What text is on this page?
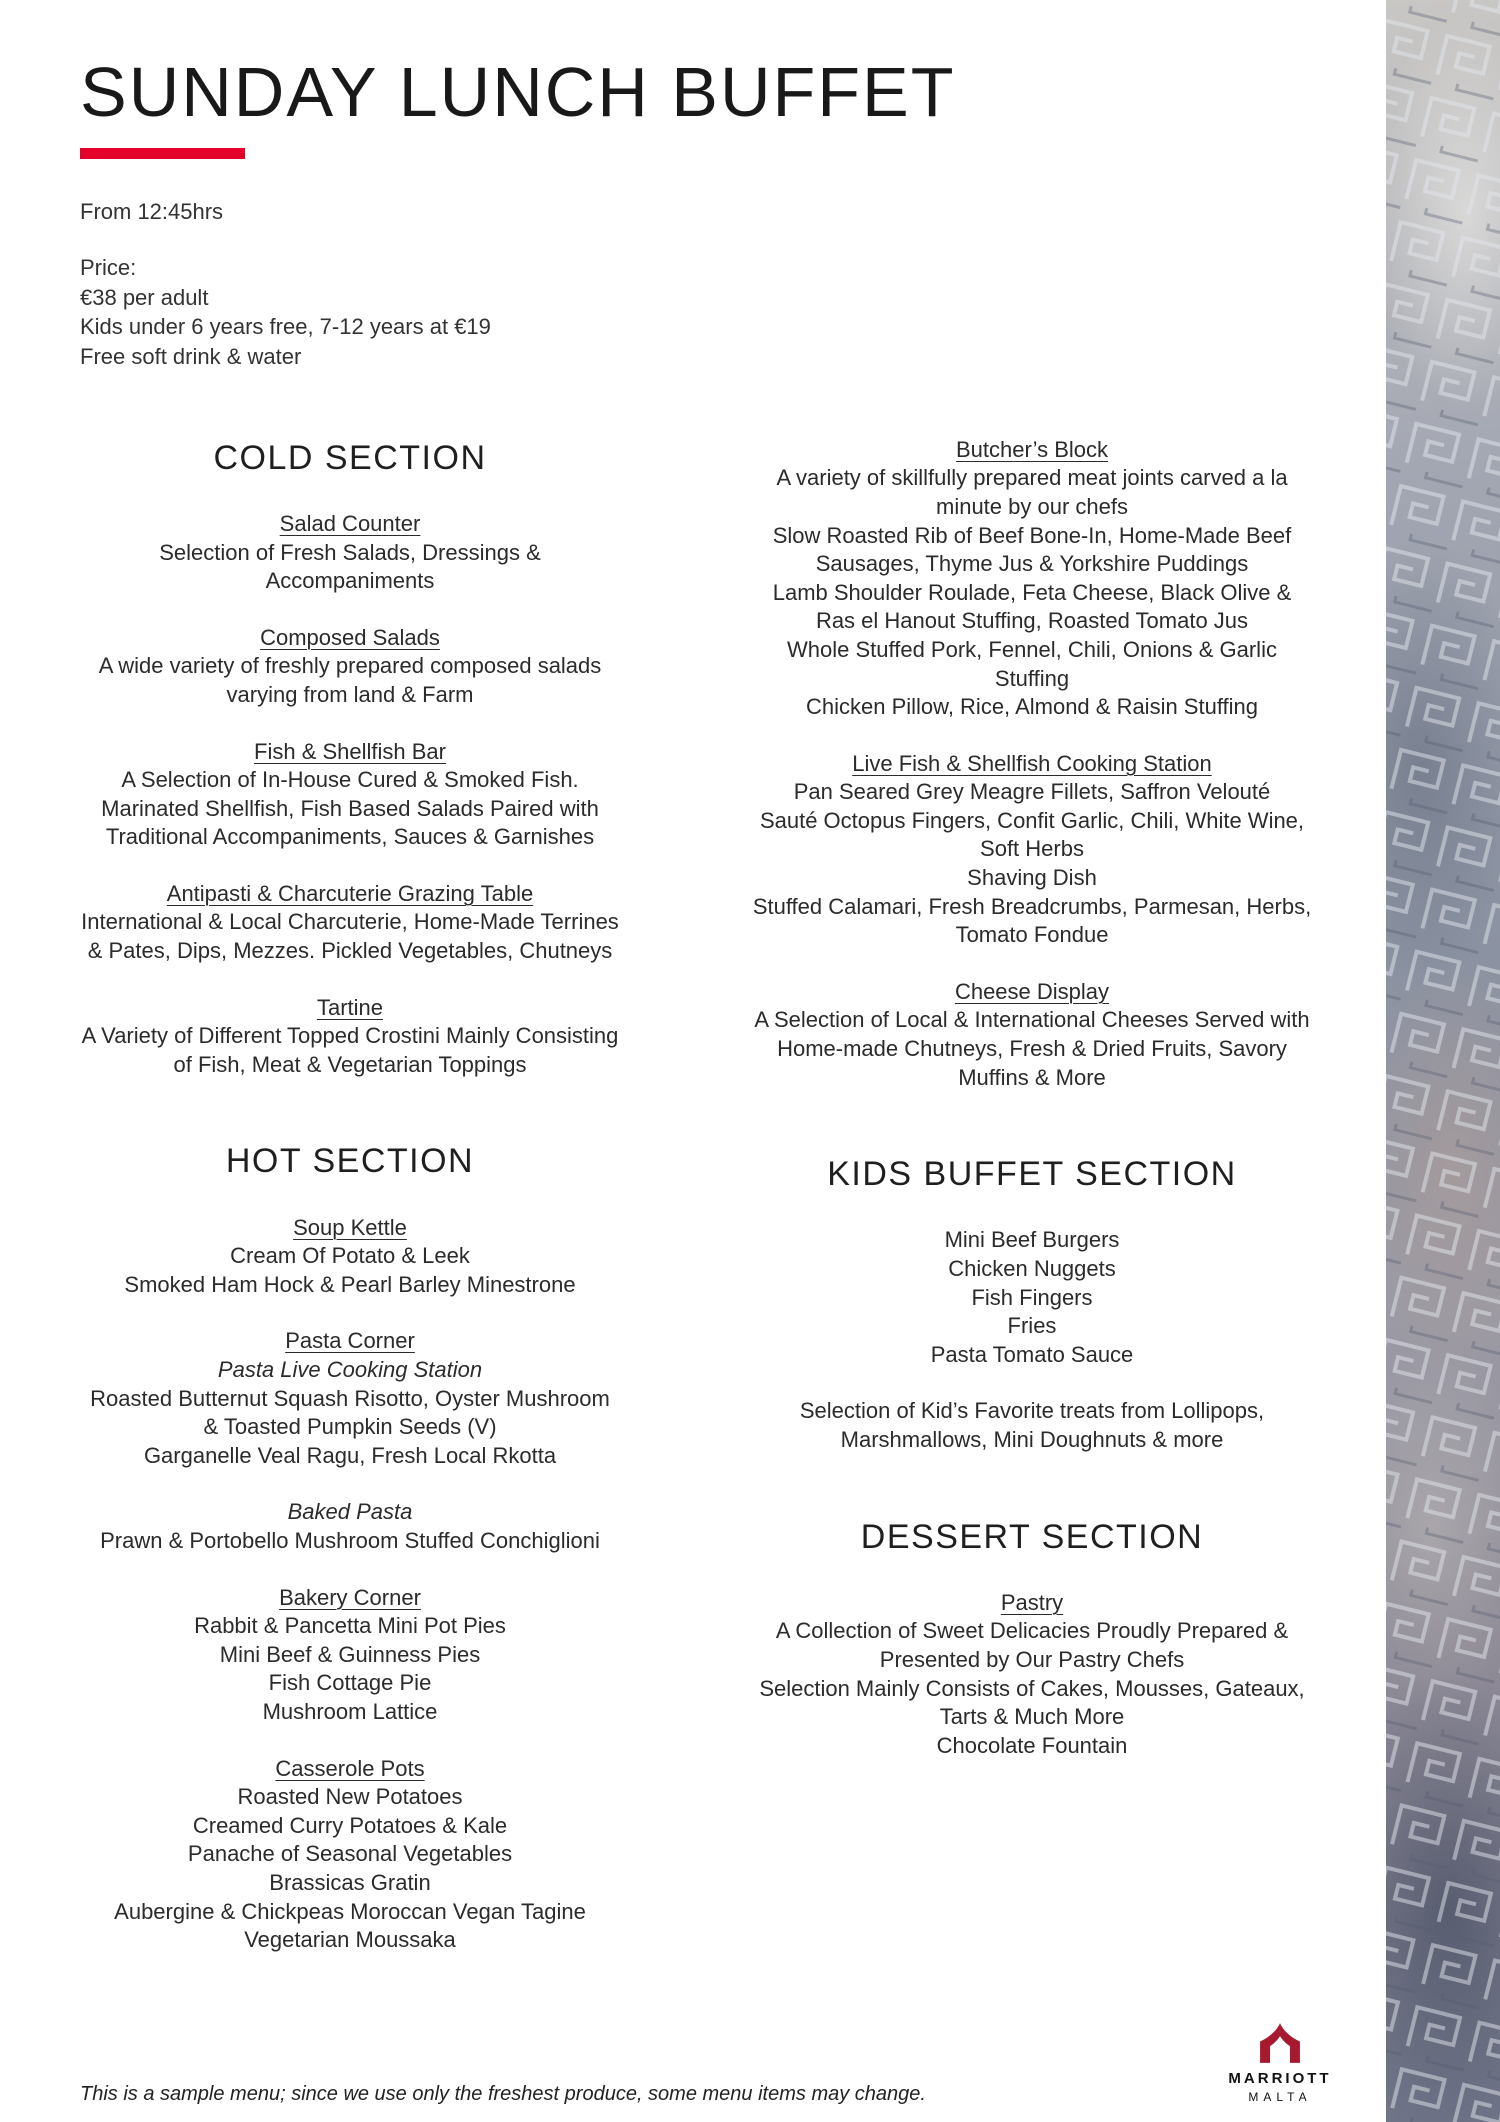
SUNDAY LUNCH BUFFET
From 12:45hrs
Price:
€38 per adult
Kids under 6 years free, 7-12 years at €19
Free soft drink & water
COLD SECTION
Salad Counter
Selection of Fresh Salads, Dressings & Accompaniments
Composed Salads
A wide variety of freshly prepared composed salads varying from land & Farm
Fish & Shellfish Bar
A Selection of In-House Cured & Smoked Fish. Marinated Shellfish, Fish Based Salads Paired with Traditional Accompaniments, Sauces & Garnishes
Antipasti & Charcuterie Grazing Table
International & Local Charcuterie, Home-Made Terrines & Pates, Dips, Mezzes. Pickled Vegetables, Chutneys
Tartine
A Variety of Different Topped Crostini Mainly Consisting of Fish, Meat & Vegetarian Toppings
HOT SECTION
Soup Kettle
Cream Of Potato & Leek
Smoked Ham Hock & Pearl Barley Minestrone
Pasta Corner
Pasta Live Cooking Station
Roasted Butternut Squash Risotto, Oyster Mushroom & Toasted Pumpkin Seeds (V)
Garganelle Veal Ragu, Fresh Local Rkotta
Baked Pasta
Prawn & Portobello Mushroom Stuffed Conchiglioni
Bakery Corner
Rabbit & Pancetta Mini Pot Pies
Mini Beef & Guinness Pies
Fish Cottage Pie
Mushroom Lattice
Casserole Pots
Roasted New Potatoes
Creamed Curry Potatoes & Kale
Panache of Seasonal Vegetables
Brassicas Gratin
Aubergine & Chickpeas Moroccan Vegan Tagine
Vegetarian Moussaka
Butcher’s Block
A variety of skillfully prepared meat joints carved a la minute by our chefs
Slow Roasted Rib of Beef Bone-In, Home-Made Beef Sausages, Thyme Jus & Yorkshire Puddings
Lamb Shoulder Roulade, Feta Cheese, Black Olive & Ras el Hanout Stuffing, Roasted Tomato Jus
Whole Stuffed Pork, Fennel, Chili, Onions & Garlic Stuffing
Chicken Pillow, Rice, Almond & Raisin Stuffing
Live Fish & Shellfish Cooking Station
Pan Seared Grey Meagre Fillets, Saffron Velouté
Sauté Octopus Fingers, Confit Garlic, Chili, White Wine, Soft Herbs
Shaving Dish
Stuffed Calamari, Fresh Breadcrumbs, Parmesan, Herbs, Tomato Fondue
Cheese Display
A Selection of Local & International Cheeses Served with Home-made Chutneys, Fresh & Dried Fruits, Savory Muffins & More
KIDS BUFFET SECTION
Mini Beef Burgers
Chicken Nuggets
Fish Fingers
Fries
Pasta Tomato Sauce
Selection of Kid’s Favorite treats from Lollipops, Marshmallows, Mini Doughnuts & more
DESSERT SECTION
Pastry
A Collection of Sweet Delicacies Proudly Prepared & Presented by Our Pastry Chefs
Selection Mainly Consists of Cakes, Mousses, Gateaux, Tarts & Much More
Chocolate Fountain
This is a sample menu; since we use only the freshest produce, some menu items may change.
MARRIOTT
MALTA
